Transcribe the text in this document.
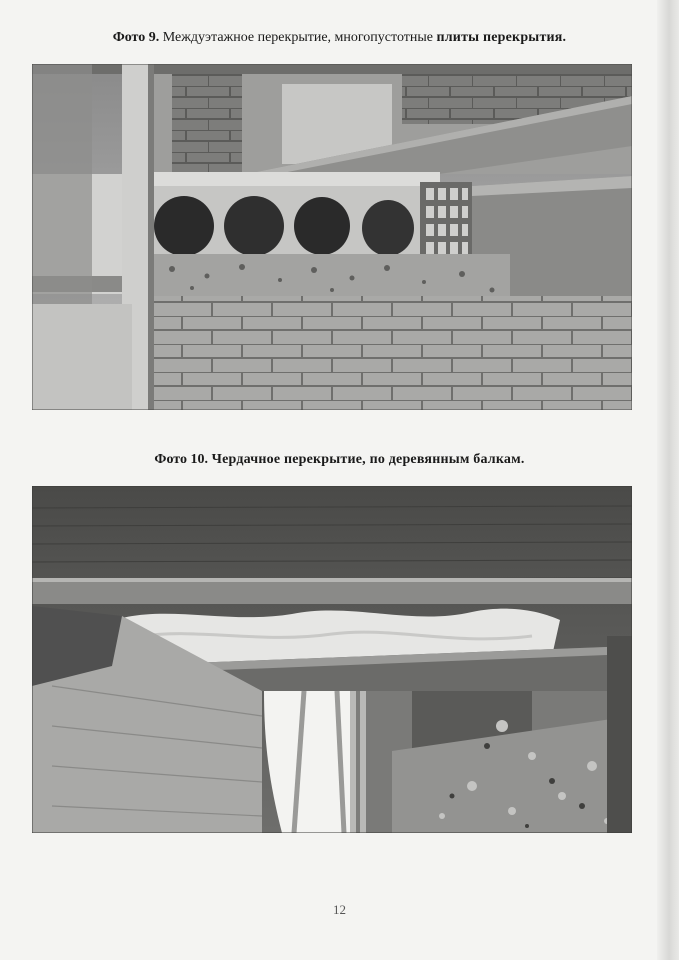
Фото 9. Междуэтажное перекрытие, многопустотные плиты перекрытия.
Фото 10. Чердачное перекрытие, по деревянным балкам.
12
